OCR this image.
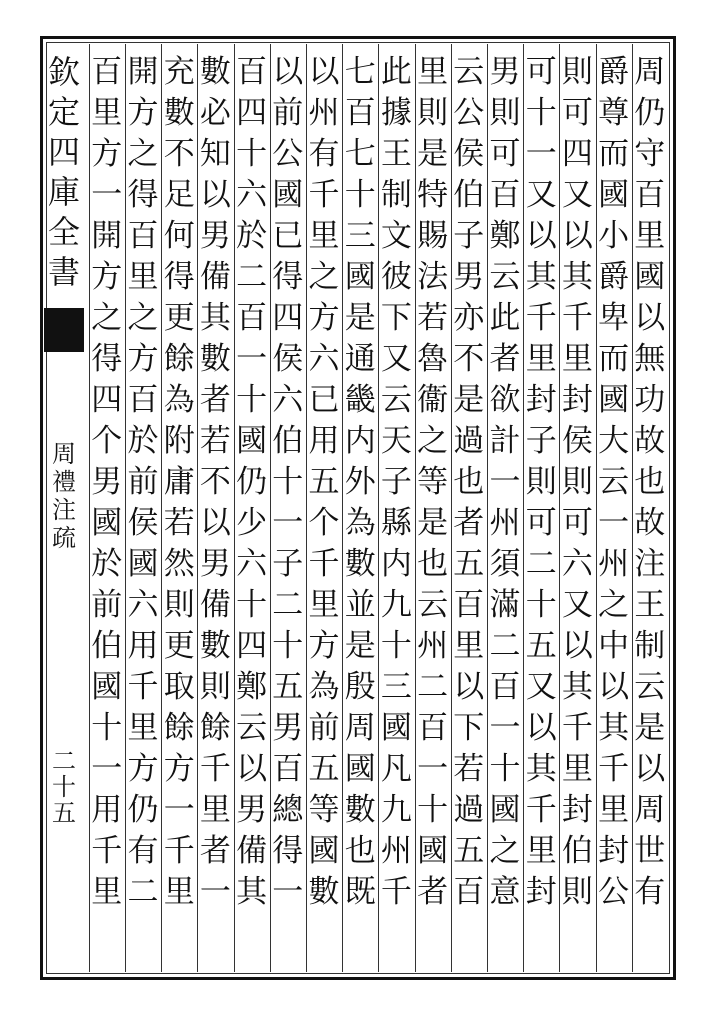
欽
定
四
庫
全
書
周
禮
注
疏
二
十
五
周
仍
守
百
里
國
以
無
功
故
也
故
注
王
制
云
是
以
周
世
有
爵
尊
而
國
小
爵
卑
而
國
大
云
一
州
之
中
以
其
千
里
封
公
則
可
四
又
以
其
千
里
封
侯
則
可
六
又
以
其
千
里
封
伯
則
可
十
一
又
以
其
千
里
封
子
則
可
二
十
五
又
以
其
千
里
封
男
則
可
百
鄭
云
此
者
欲
計
一
州
須
滿
二
百
一
十
國
之
意
云
公
侯
伯
子
男
亦
不
是
過
也
者
五
百
里
以
下
若
過
五
百
里
則
是
特
賜
法
若
魯
衞
之
等
是
也
云
州
二
百
一
十
國
者
此
據
王
制
文
彼
下
又
云
天
子
縣
内
九
十
三
國
凡
九
州
千
七
百
七
十
三
國
是
通
畿
内
外
為
數
並
是
殷
周
國
數
也
既
以
州
有
千
里
之
方
六
已
用
五
个
千
里
方
為
前
五
等
國
數
以
前
公
國
已
得
四
侯
六
伯
十
一
子
二
十
五
男
百
總
得
一
百
四
十
六
於
二
百
一
十
國
仍
少
六
十
四
鄭
云
以
男
備
其
數
必
知
以
男
備
其
數
者
若
不
以
男
備
數
則
餘
千
里
者
一
充
數
不
足
何
得
更
餘
為
附
庸
若
然
則
更
取
餘
方
一
千
里
開
方
之
得
百
里
之
方
百
於
前
侯
國
六
用
千
里
方
仍
有
二
百
里
方
一
開
方
之
得
四
个
男
國
於
前
伯
國
十
一
用
千
里
